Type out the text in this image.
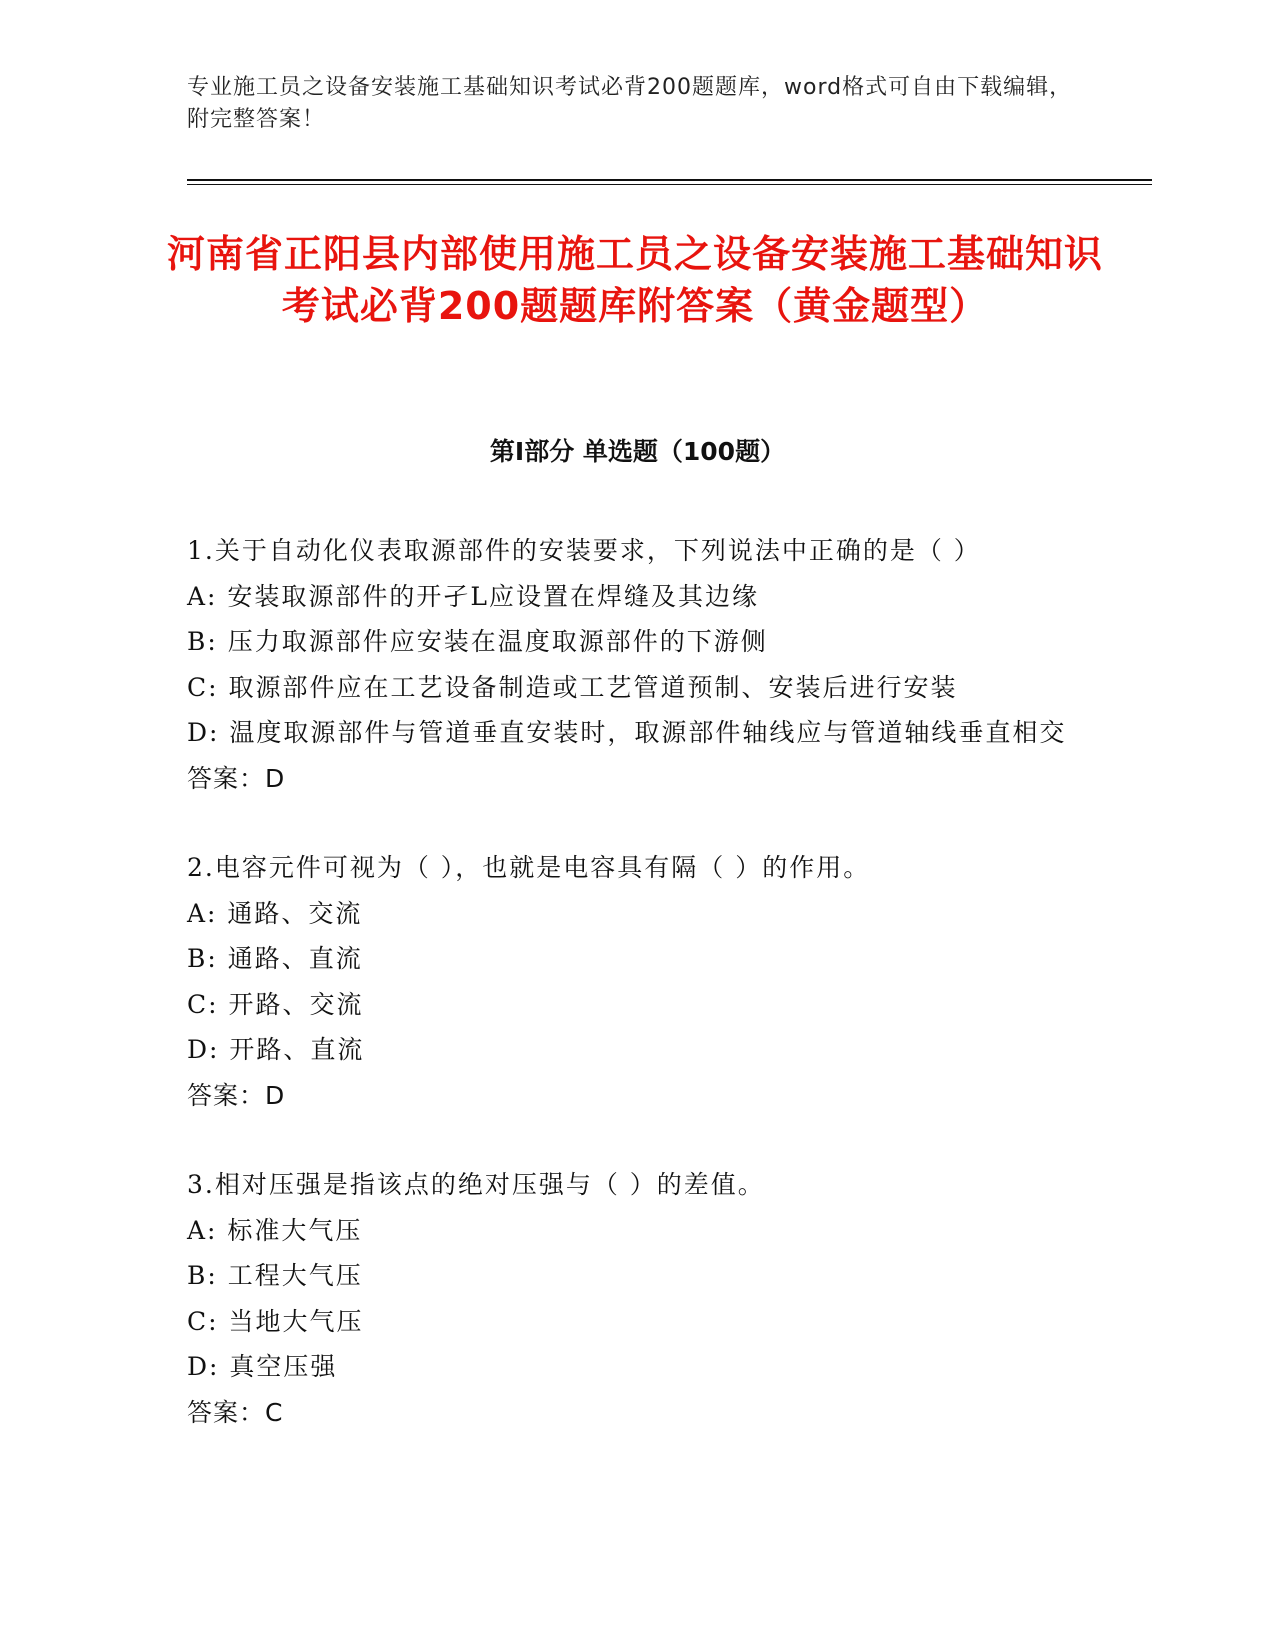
专业施工员之设备安装施工基础知识考试必背200题题库，word格式可自由下载编辑，附完整答案！
河南省正阳县内部使用施工员之设备安装施工基础知识考试必背200题题库附答案（黄金题型）
第I部分 单选题（100题）
1.关于自动化仪表取源部件的安装要求，下列说法中正确的是（ ）
A: 安装取源部件的开孑L应设置在焊缝及其边缘
B: 压力取源部件应安装在温度取源部件的下游侧
C: 取源部件应在工艺设备制造或工艺管道预制、安装后进行安装
D: 温度取源部件与管道垂直安装时，取源部件轴线应与管道轴线垂直相交
答案：D
2.电容元件可视为（ ），也就是电容具有隔（ ）的作用。
A: 通路、交流
B: 通路、直流
C: 开路、交流
D: 开路、直流
答案：D
3.相对压强是指该点的绝对压强与（ ）的差值。
A: 标准大气压
B: 工程大气压
C: 当地大气压
D: 真空压强
答案：C
